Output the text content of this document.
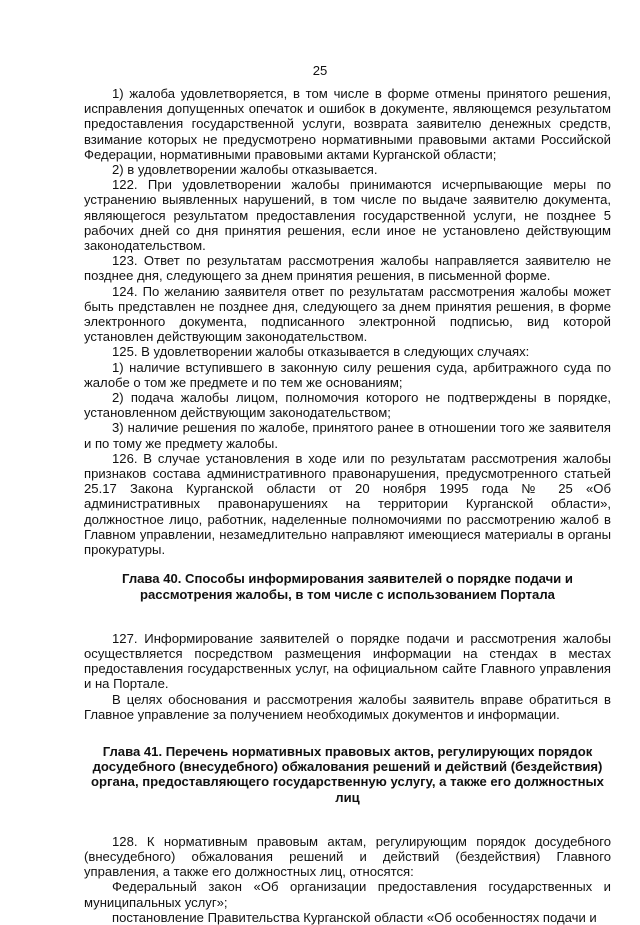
25

1) жалоба удовлетворяется, в том числе в форме отмены принятого решения, исправления допущенных опечаток и ошибок в документе, являющемся результатом предоставления государственной услуги, возврата заявителю денежных средств, взимание которых не предусмотрено нормативными правовыми актами Российской Федерации, нормативными правовыми актами Курганской области;

2) в удовлетворении жалобы отказывается.

122. При удовлетворении жалобы принимаются исчерпывающие меры по устранению выявленных нарушений, в том числе по выдаче заявителю документа, являющегося результатом предоставления государственной услуги, не позднее 5 рабочих дней со дня принятия решения, если иное не установлено действующим законодательством.

123. Ответ по результатам рассмотрения жалобы направляется заявителю не позднее дня, следующего за днем принятия решения, в письменной форме.

124. По желанию заявителя ответ по результатам рассмотрения жалобы может быть представлен не позднее дня, следующего за днем принятия решения, в форме электронного документа, подписанного электронной подписью, вид которой установлен действующим законодательством.

125. В удовлетворении жалобы отказывается в следующих случаях:

1) наличие вступившего в законную силу решения суда, арбитражного суда по жалобе о том же предмете и по тем же основаниям;

2) подача жалобы лицом, полномочия которого не подтверждены в порядке, установленном действующим законодательством;

3) наличие решения по жалобе, принятого ранее в отношении того же заявителя и по тому же предмету жалобы.

126. В случае установления в ходе или по результатам рассмотрения жалобы признаков состава административного правонарушения, предусмотренного статьей 25.17 Закона Курганской области от 20 ноября 1995 года № 25 «Об административных правонарушениях на территории Курганской области», должностное лицо, работник, наделенные полномочиями по рассмотрению жалоб в Главном управлении, незамедлительно направляют имеющиеся материалы в органы прокуратуры.

Глава 40. Способы информирования заявителей о порядке подачи и
рассмотрения жалобы, в том числе с использованием Портала

127. Информирование заявителей о порядке подачи и рассмотрения жалобы осуществляется посредством размещения информации на стендах в местах предоставления государственных услуг, на официальном сайте Главного управления и на Портале.

В целях обоснования и рассмотрения жалобы заявитель вправе обратиться в Главное управление за получением необходимых документов и информации.

Глава 41. Перечень нормативных правовых актов, регулирующих порядок
досудебного (внесудебного) обжалования решений и действий (бездействия)
органа, предоставляющего государственную услугу, а также его должностных лиц

128. К нормативным правовым актам, регулирующим порядок досудебного (внесудебного) обжалования решений и действий (бездействия) Главного управления, а также его должностных лиц, относятся:

Федеральный закон «Об организации предоставления государственных и муниципальных услуг»;

постановление Правительства Курганской области «Об особенностях подачи и
